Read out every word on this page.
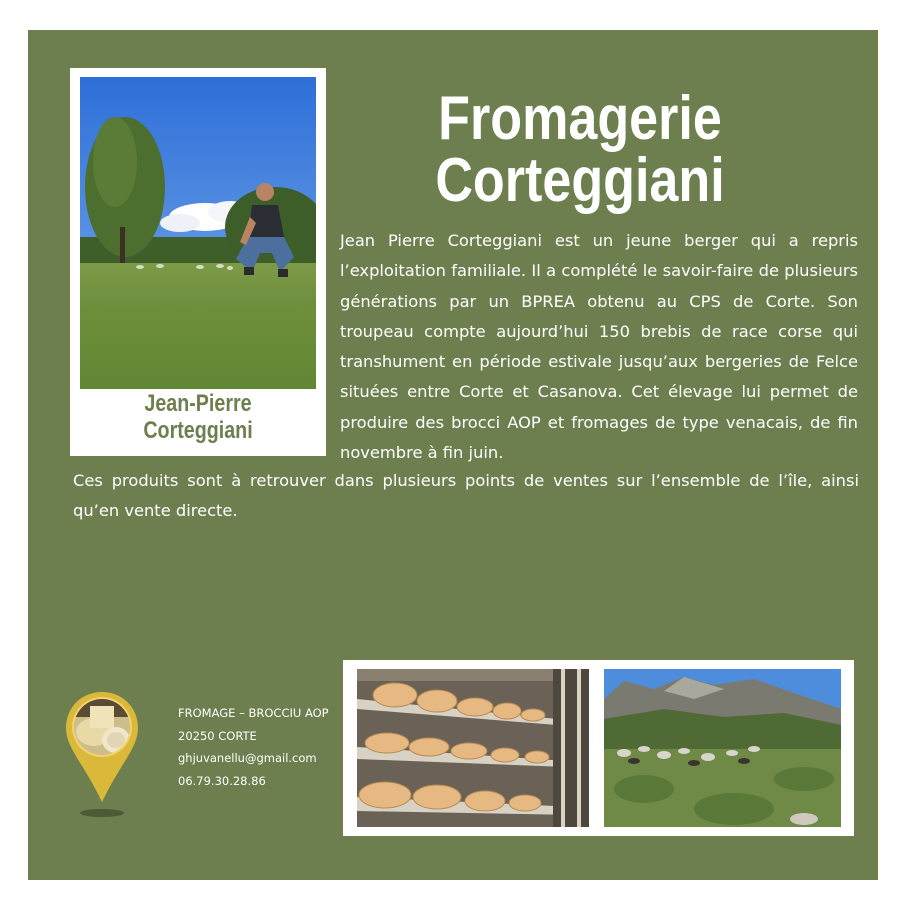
Jean-Pierre
Corteggiani
Fromagerie
Corteggiani
Jean Pierre Corteggiani est un jeune berger qui a repris l’exploitation familiale. Il a complété le savoir-faire de plusieurs générations par un BPREA obtenu au CPS de Corte. Son troupeau compte aujourd’hui 150 brebis de race corse qui transhument en période estivale jusqu’aux bergeries de Felce situées entre Corte et Casanova. Cet élevage lui permet de produire des brocci AOP et fromages de type venacais, de fin novembre à fin juin.
Ces produits sont à retrouver dans plusieurs points de ventes sur l’ensemble de l’île, ainsi qu’en vente directe.
FROMAGE – BROCCIU AOP
20250 CORTE
ghjuvanellu@gmail.com
06.79.30.28.86
